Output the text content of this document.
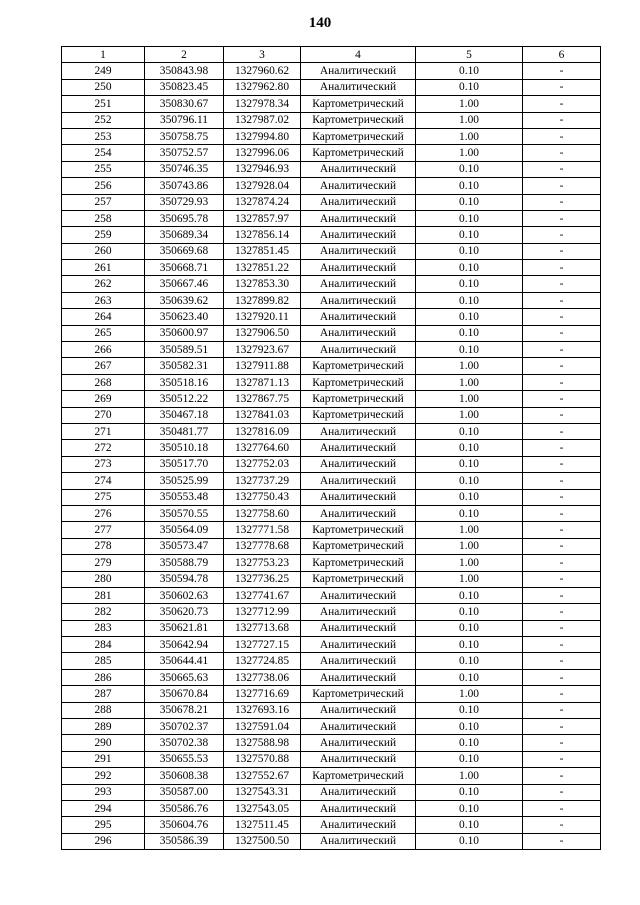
140
1	2	3	4	5	6
249	350843.98	1327960.62	Аналитический	0.10	-
250	350823.45	1327962.80	Аналитический	0.10	-
251	350830.67	1327978.34	Картометрический	1.00	-
252	350796.11	1327987.02	Картометрический	1.00	-
253	350758.75	1327994.80	Картометрический	1.00	-
254	350752.57	1327996.06	Картометрический	1.00	-
255	350746.35	1327946.93	Аналитический	0.10	-
256	350743.86	1327928.04	Аналитический	0.10	-
257	350729.93	1327874.24	Аналитический	0.10	-
258	350695.78	1327857.97	Аналитический	0.10	-
259	350689.34	1327856.14	Аналитический	0.10	-
260	350669.68	1327851.45	Аналитический	0.10	-
261	350668.71	1327851.22	Аналитический	0.10	-
262	350667.46	1327853.30	Аналитический	0.10	-
263	350639.62	1327899.82	Аналитический	0.10	-
264	350623.40	1327920.11	Аналитический	0.10	-
265	350600.97	1327906.50	Аналитический	0.10	-
266	350589.51	1327923.67	Аналитический	0.10	-
267	350582.31	1327911.88	Картометрический	1.00	-
268	350518.16	1327871.13	Картометрический	1.00	-
269	350512.22	1327867.75	Картометрический	1.00	-
270	350467.18	1327841.03	Картометрический	1.00	-
271	350481.77	1327816.09	Аналитический	0.10	-
272	350510.18	1327764.60	Аналитический	0.10	-
273	350517.70	1327752.03	Аналитический	0.10	-
274	350525.99	1327737.29	Аналитический	0.10	-
275	350553.48	1327750.43	Аналитический	0.10	-
276	350570.55	1327758.60	Аналитический	0.10	-
277	350564.09	1327771.58	Картометрический	1.00	-
278	350573.47	1327778.68	Картометрический	1.00	-
279	350588.79	1327753.23	Картометрический	1.00	-
280	350594.78	1327736.25	Картометрический	1.00	-
281	350602.63	1327741.67	Аналитический	0.10	-
282	350620.73	1327712.99	Аналитический	0.10	-
283	350621.81	1327713.68	Аналитический	0.10	-
284	350642.94	1327727.15	Аналитический	0.10	-
285	350644.41	1327724.85	Аналитический	0.10	-
286	350665.63	1327738.06	Аналитический	0.10	-
287	350670.84	1327716.69	Картометрический	1.00	-
288	350678.21	1327693.16	Аналитический	0.10	-
289	350702.37	1327591.04	Аналитический	0.10	-
290	350702.38	1327588.98	Аналитический	0.10	-
291	350655.53	1327570.88	Аналитический	0.10	-
292	350608.38	1327552.67	Картометрический	1.00	-
293	350587.00	1327543.31	Аналитический	0.10	-
294	350586.76	1327543.05	Аналитический	0.10	-
295	350604.76	1327511.45	Аналитический	0.10	-
296	350586.39	1327500.50	Аналитический	0.10	-
